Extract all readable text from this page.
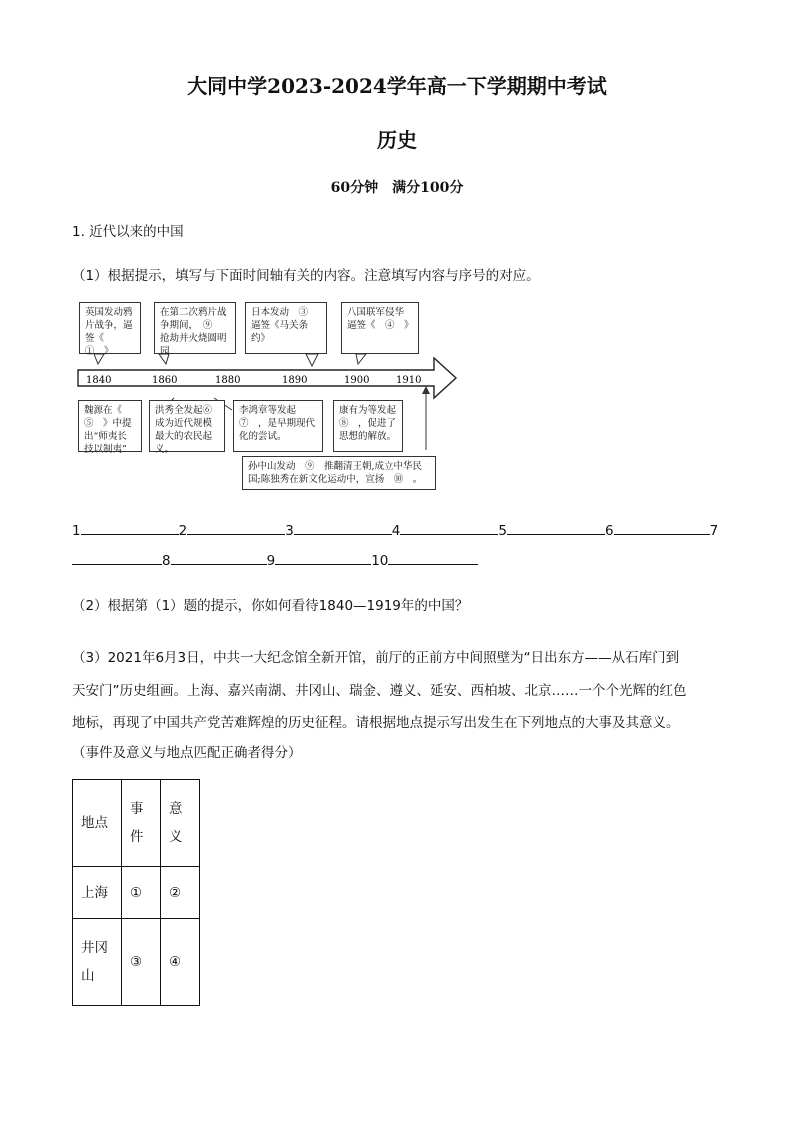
大同中学2023-2024学年高一下学期期中考试
历史
60分钟　满分100分
1. 近代以来的中国
（1）根据提示，填写与下面时间轴有关的内容。注意填写内容与序号的对应。
1840	1860	1880	1890	1900	1910
英国发动鸦片战争，逼签《　①　》
在第二次鸦片战争期间，　⑨　抢劫并火烧圆明园
日本发动　③　逼签《马关条约》
八国联军侵华逼签《　④　》
魏源在《　⑤　》中提出“师夷长技以制夷”
洪秀全发起⑥　成为近代规模最大的农民起义。
李鸿章等发起　⑦　，是早期现代化的尝试。
康有为等发起　⑧　，促进了思想的解放。
孙中山发动　⑨　推翻清王朝,成立中华民国;陈独秀在新文化运动中，宣扬　⑩　。
1	2	3	4	5	6	7
8	9	10
（2）根据第（1）题的提示，你如何看待1840—1919年的中国？
（3）2021年6月3日，中共一大纪念馆全新开馆，前厅的正前方中间照壁为“日出东方——从石库门到
天安门”历史组画。上海、嘉兴南湖、井冈山、瑞金、遵义、延安、西柏坡、北京……一个个光辉的红色
地标，再现了中国共产党苦难辉煌的历史征程。请根据地点提示写出发生在下列地点的大事及其意义。
（事件及意义与地点匹配正确者得分）
地点	事件	意义
上海	①	②
井冈山	③	④
